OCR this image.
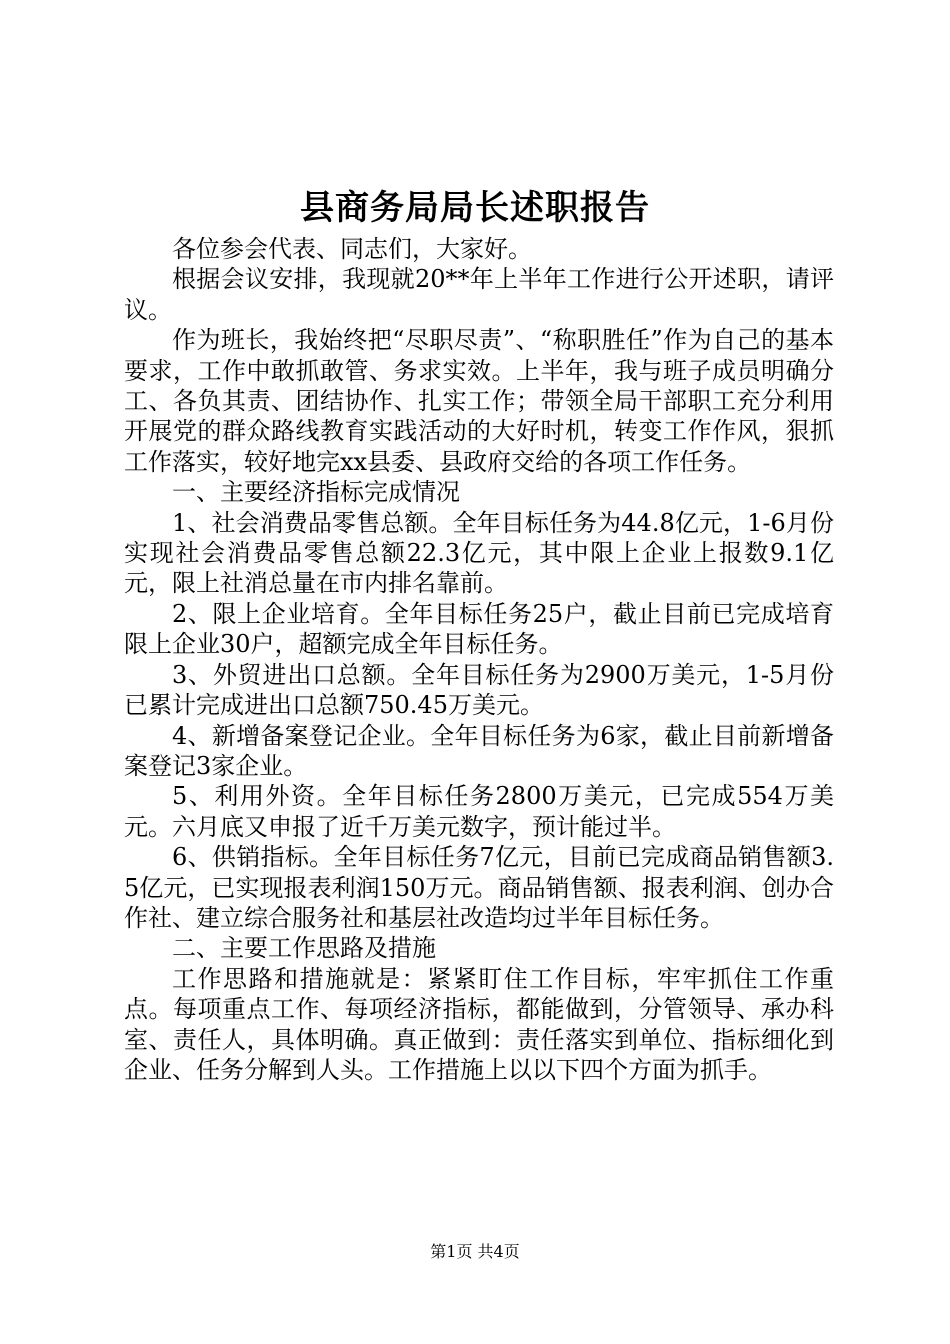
县商务局局长述职报告

各位参会代表、同志们，大家好。

根据会议安排，我现就20**年上半年工作进行公开述职，请评议。

作为班长，我始终把“尽职尽责”、“称职胜任”作为自己的基本要求，工作中敢抓敢管、务求实效。上半年，我与班子成员明确分工、各负其责、团结协作、扎实工作；带领全局干部职工充分利用开展党的群众路线教育实践活动的大好时机，转变工作作风，狠抓工作落实，较好地完xx县委、县政府交给的各项工作任务。

一、主要经济指标完成情况

1、社会消费品零售总额。全年目标任务为44.8亿元，1-6月份实现社会消费品零售总额22.3亿元，其中限上企业上报数9.1亿元，限上社消总量在市内排名靠前。

2、限上企业培育。全年目标任务25户，截止目前已完成培育限上企业30户，超额完成全年目标任务。

3、外贸进出口总额。全年目标任务为2900万美元，1-5月份已累计完成进出口总额750.45万美元。

4、新增备案登记企业。全年目标任务为6家，截止目前新增备案登记3家企业。

5、利用外资。全年目标任务2800万美元，已完成554万美元。六月底又申报了近千万美元数字，预计能过半。

6、供销指标。全年目标任务7亿元，目前已完成商品销售额3.5亿元，已实现报表利润150万元。商品销售额、报表利润、创办合作社、建立综合服务社和基层社改造均过半年目标任务。

二、主要工作思路及措施

工作思路和措施就是：紧紧盯住工作目标，牢牢抓住工作重点。每项重点工作、每项经济指标，都能做到，分管领导、承办科室、责任人，具体明确。真正做到：责任落实到单位、指标细化到企业、任务分解到人头。工作措施上以以下四个方面为抓手。

第1页 共4页
